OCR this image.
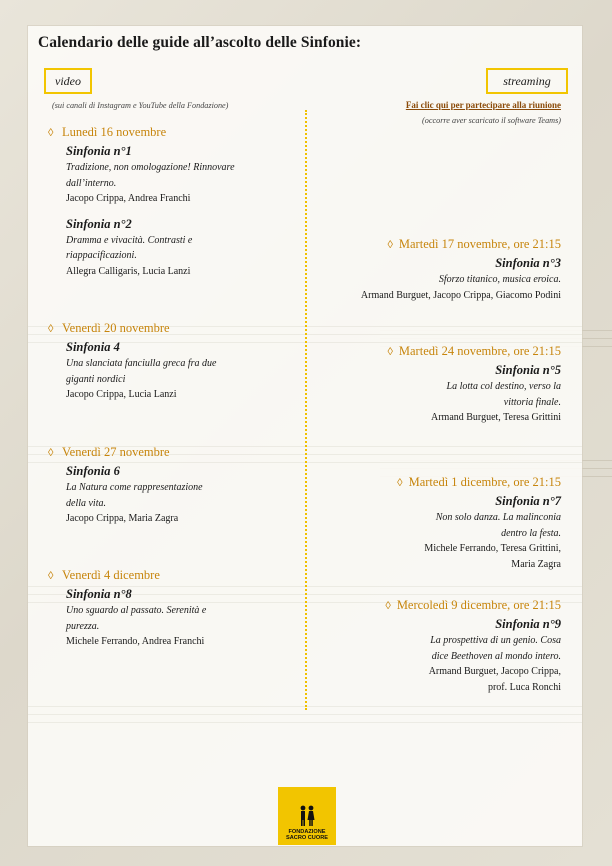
Calendario delle guide all’ascolto delle Sinfonie:
video
(sui canali di Instagram e YouTube della Fondazione)
streaming
Fai clic qui per partecipare alla riunione
(occorre aver scaricato il software Teams)
◊ Lunedì 16 novembre
Sinfonia n°1
Tradizione, non omologazione! Rinnovare
dall’interno.
Jacopo Crippa, Andrea Franchi
Sinfonia n°2
Dramma e vivacità. Contrasti e
riappacificazioni.
Allegra Calligaris, Lucia Lanzi
◊ Venerdì 20 novembre
Sinfonia 4
Una slanciata fanciulla greca fra due
giganti nordici
Jacopo Crippa, Lucia Lanzi
◊ Venerdì 27 novembre
Sinfonia 6
La Natura come rappresentazione
della vita.
Jacopo Crippa, Maria Zagra
◊ Venerdì 4 dicembre
Sinfonia n°8
Uno sguardo al passato. Serenità e
purezza.
Michele Ferrando, Andrea Franchi
◊ Martedì 17 novembre, ore 21:15
Sinfonia n°3
Sforzo titanico, musica eroica.
Armand Burguet, Jacopo Crippa, Giacomo Podini
◊ Martedì 24 novembre, ore 21:15
Sinfonia n°5
La lotta col destino, verso la
vittoria finale.
Armand Burguet, Teresa Grittini
◊ Martedì 1 dicembre, ore 21:15
Sinfonia n°7
Non solo danza. La malinconia
dentro la festa.
Michele Ferrando, Teresa Grittini,
Maria Zagra
◊ Mercoledì 9 dicembre, ore 21:15
Sinfonia n°9
La prospettiva di un genio. Cosa
dice Beethoven al mondo intero.
Armand Burguet, Jacopo Crippa,
prof. Luca Ronchi
FONDAZIONE
SACRO CUORE
